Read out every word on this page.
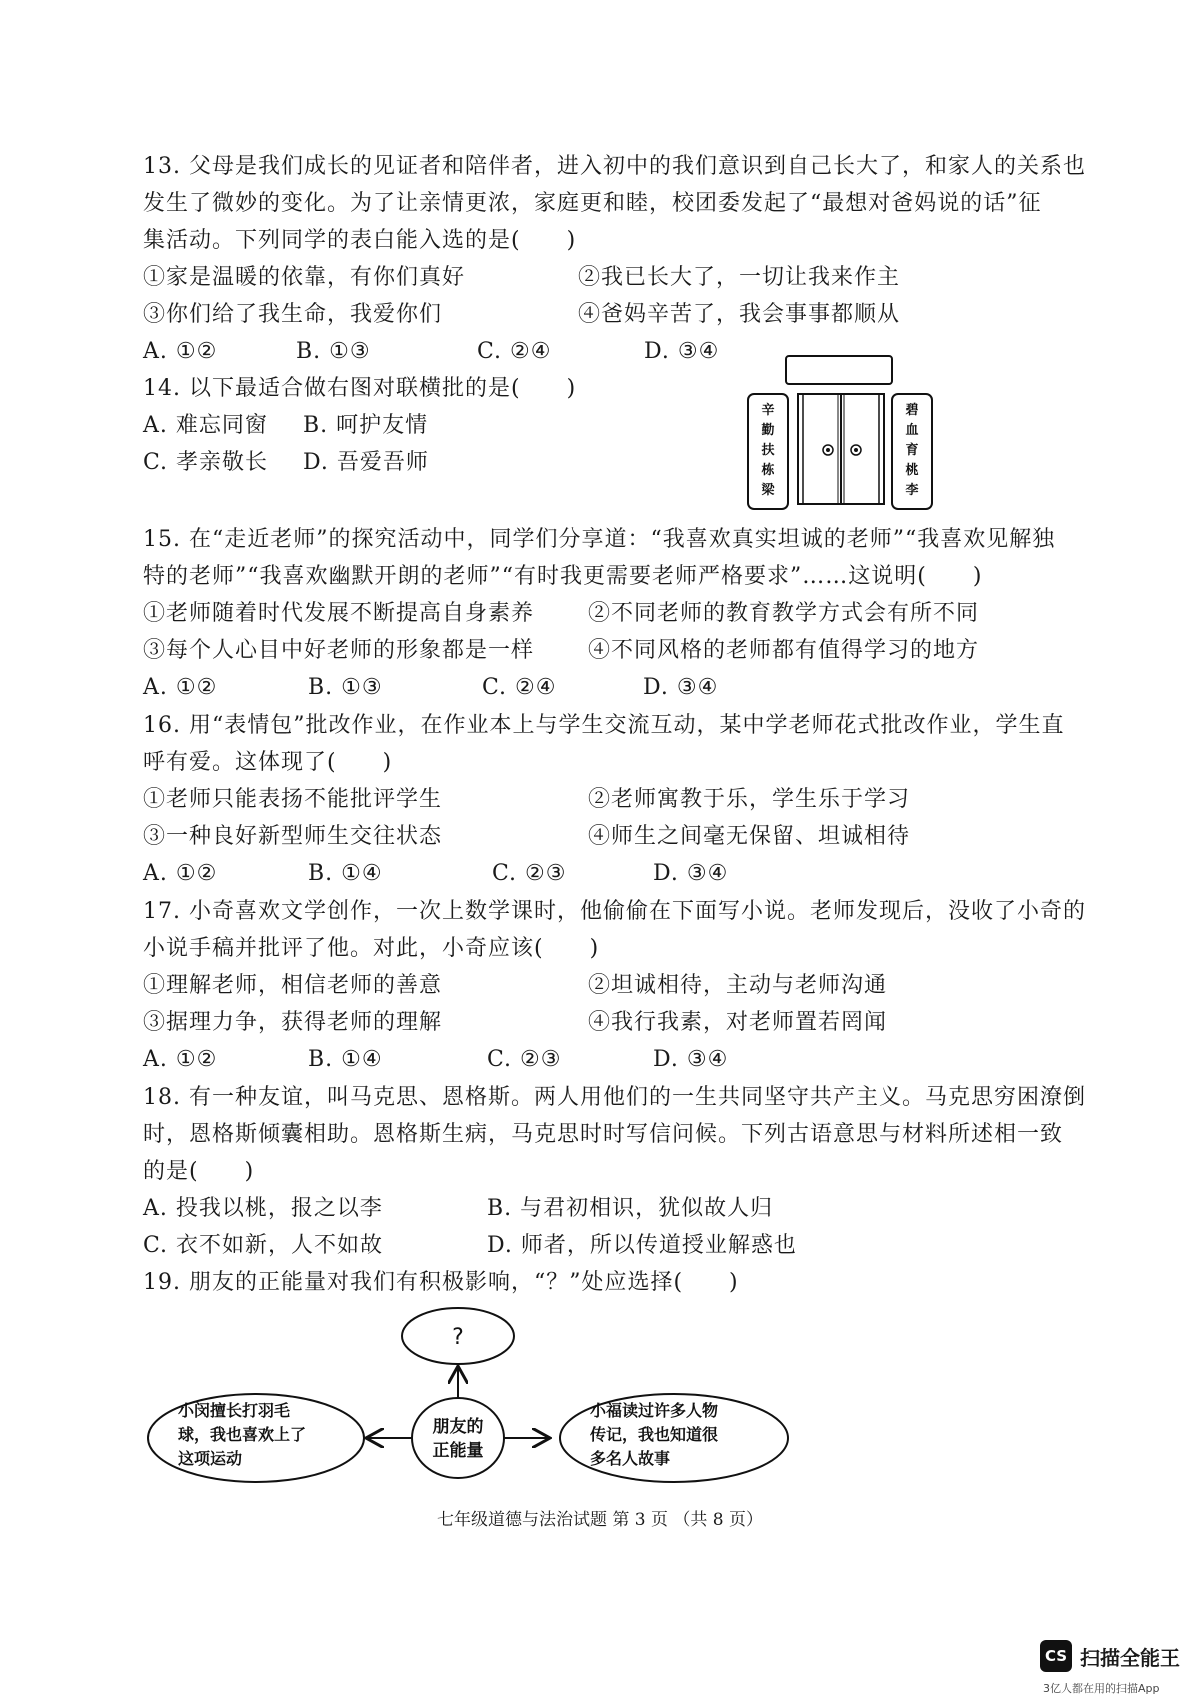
13. 父母是我们成长的见证者和陪伴者，进入初中的我们意识到自己长大了，和家人的关系也
发生了微妙的变化。为了让亲情更浓，家庭更和睦，校团委发起了“最想对爸妈说的话”征
集活动。下列同学的表白能入选的是(　　)
①家是温暖的依靠，有你们真好	②我已长大了，一切让我来作主
③你们给了我生命，我爱你们	④爸妈辛苦了，我会事事都顺从
A. ①②	B. ①③	C. ②④	D. ③④
14. 以下最适合做右图对联横批的是(　　)
A. 难忘同窗 B. 呵护友情
C. 孝亲敬长 D. 吾爱吾师
辛
勤
扶
栋
梁
碧
血
育
桃
李
15. 在“走近老师”的探究活动中，同学们分享道：“我喜欢真实坦诚的老师”“我喜欢见解独
特的老师”“我喜欢幽默开朗的老师”“有时我更需要老师严格要求”……这说明(　　)
①老师随着时代发展不断提高自身素养 ②不同老师的教育教学方式会有所不同
③每个人心目中好老师的形象都是一样 ④不同风格的老师都有值得学习的地方
A. ①②	B. ①③	C. ②④	D. ③④
16. 用“表情包”批改作业，在作业本上与学生交流互动，某中学老师花式批改作业，学生直
呼有爱。这体现了(　　)
①老师只能表扬不能批评学生	②老师寓教于乐，学生乐于学习
③一种良好新型师生交往状态	④师生之间毫无保留、坦诚相待
A. ①②	B. ①④	C. ②③	D. ③④
17. 小奇喜欢文学创作，一次上数学课时，他偷偷在下面写小说。老师发现后，没收了小奇的
小说手稿并批评了他。对此，小奇应该(　　)
①理解老师，相信老师的善意	②坦诚相待，主动与老师沟通
③据理力争，获得老师的理解	④我行我素，对老师置若罔闻
A. ①②	B. ①④	C. ②③	D. ③④
18. 有一种友谊，叫马克思、恩格斯。两人用他们的一生共同坚守共产主义。马克思穷困潦倒
时，恩格斯倾囊相助。恩格斯生病，马克思时时写信问候。下列古语意思与材料所述相一致
的是(　　)
A. 投我以桃，报之以李	B. 与君初相识，犹似故人归
C. 衣不如新，人不如故	D. 师者，所以传道授业解惑也
19. 朋友的正能量对我们有积极影响，“？”处应选择(　　)
?
朋友的
正能量
小闵擅长打羽毛
球，我也喜欢上了
这项运动
小福读过许多人物
传记，我也知道很
多名人故事
七年级道德与法治试题 第 3 页 （共 8 页）
CS 扫描全能王
3亿人都在用的扫描App
